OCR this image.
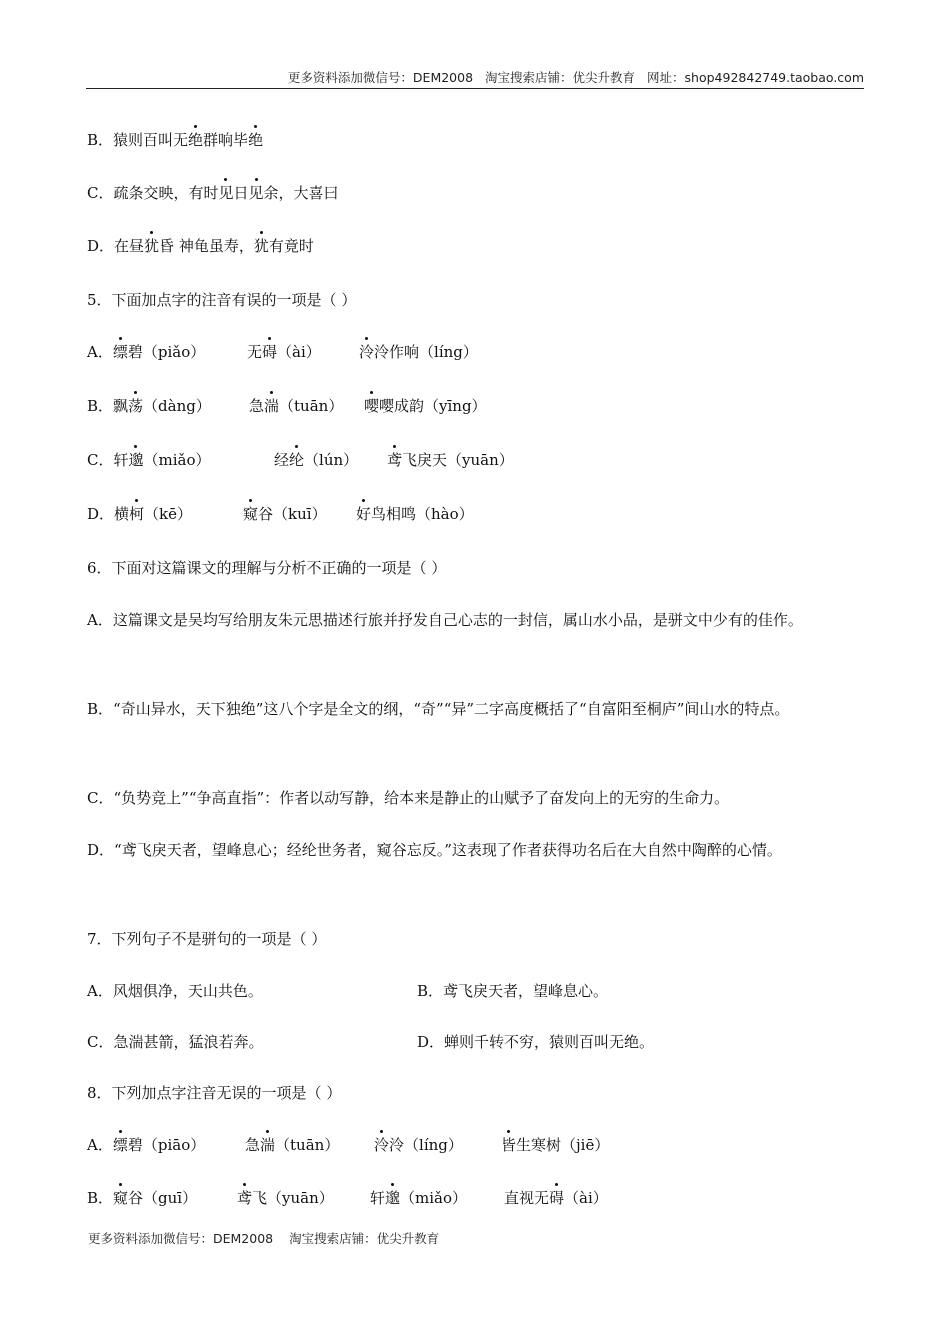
更多资料添加微信号：DEM2008 淘宝搜索店铺：优尖升教育 网址：shop492842749.taobao.com
B．猿则百叫无绝群响毕绝
C．疏条交映，有时见日见余，大喜曰
D．在昼犹昏 神龟虽寿，犹有竟时
5．下面加点字的注音有误的一项是（ ）
A．缥碧（piǎo）	无碍（ài）	泠泠作响（líng）
B．飘荡（dàng）	急湍（tuān） 嘤嘤成韵（yīng）
C．轩邈（miǎo）	经纶（lún） 鸢飞戾天（yuān）
D．横柯（kē）	窥谷（kuī） 好鸟相鸣（hào）
6．下面对这篇课文的理解与分析不正确的一项是（ ）
A．这篇课文是吴均写给朋友朱元思描述行旅并抒发自己心志的一封信，属山水小品，是骈文中少有的佳作。
B．“奇山异水，天下独绝”这八个字是全文的纲，“奇”“异”二字高度概括了“自富阳至桐庐”间山水的特点。
C．“负势竞上”“争高直指”：作者以动写静，给本来是静止的山赋予了奋发向上的无穷的生命力。
D．“鸢飞戾天者，望峰息心；经纶世务者，窥谷忘反。”这表现了作者获得功名后在大自然中陶醉的心情。
7．下列句子不是骈句的一项是（ ）
A．风烟俱净，天山共色。	B．鸢飞戾天者，望峰息心。
C．急湍甚箭，猛浪若奔。	D．蝉则千转不穷，猿则百叫无绝。
8．下列加点字注音无误的一项是（ ）
A．缥碧（piāo）	急湍（tuān） 泠泠（líng）	皆生寒树（jiē）
B．窥谷（guī）	鸢飞（yuān） 轩邈（miǎo） 直视无碍（ài）
更多资料添加微信号：DEM2008 淘宝搜索店铺：优尖升教育
